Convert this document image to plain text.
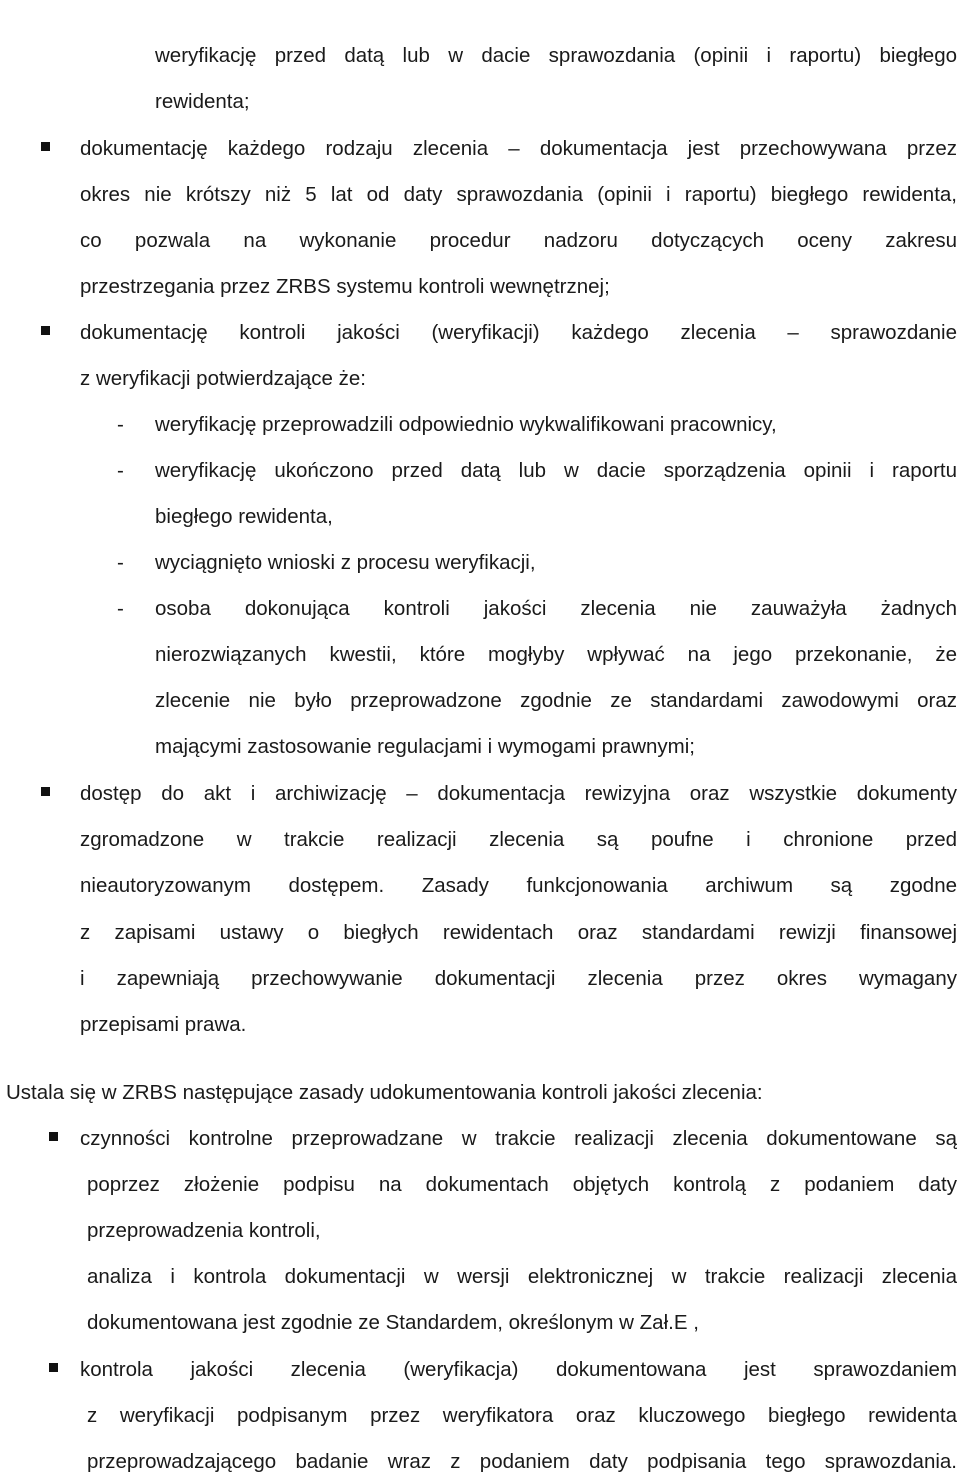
weryfikację przed datą lub w dacie sprawozdania (opinii i raportu) biegłego
rewidenta;
dokumentację każdego rodzaju zlecenia – dokumentacja jest przechowywana przez
okres nie krótszy niż 5 lat od daty sprawozdania (opinii i raportu) biegłego rewidenta,
co pozwala na wykonanie procedur nadzoru dotyczących oceny zakresu
przestrzegania przez ZRBS systemu kontroli wewnętrznej;
dokumentację kontroli jakości (weryfikacji) każdego zlecenia – sprawozdanie
z weryfikacji potwierdzające że:
- weryfikację przeprowadzili odpowiednio wykwalifikowani pracownicy,
- weryfikację ukończono przed datą lub w dacie sporządzenia opinii i raportu
biegłego rewidenta,
- wyciągnięto wnioski z procesu weryfikacji,
- osoba dokonująca kontroli jakości zlecenia nie zauważyła żadnych
nierozwiązanych kwestii, które mogłyby wpływać na jego przekonanie, że
zlecenie nie było przeprowadzone zgodnie ze standardami zawodowymi oraz
mającymi zastosowanie regulacjami i wymogami prawnymi;
dostęp do akt i archiwizację – dokumentacja rewizyjna oraz wszystkie dokumenty
zgromadzone w trakcie realizacji zlecenia są poufne i chronione przed
nieautoryzowanym dostępem. Zasady funkcjonowania archiwum są zgodne
z zapisami ustawy o biegłych rewidentach oraz standardami rewizji finansowej
i zapewniają przechowywanie dokumentacji zlecenia przez okres wymagany
przepisami prawa.
Ustala się w ZRBS następujące zasady udokumentowania kontroli jakości zlecenia:
czynności kontrolne przeprowadzane w trakcie realizacji zlecenia dokumentowane są
poprzez złożenie podpisu na dokumentach objętych kontrolą z podaniem daty
przeprowadzenia kontroli,
analiza i kontrola dokumentacji w wersji elektronicznej w trakcie realizacji zlecenia
dokumentowana jest zgodnie ze Standardem, określonym w Zał.E ,
kontrola jakości zlecenia (weryfikacja) dokumentowana jest sprawozdaniem
z weryfikacji podpisanym przez weryfikatora oraz kluczowego biegłego rewidenta
przeprowadzającego badanie wraz z podaniem daty podpisania tego sprawozdania.
